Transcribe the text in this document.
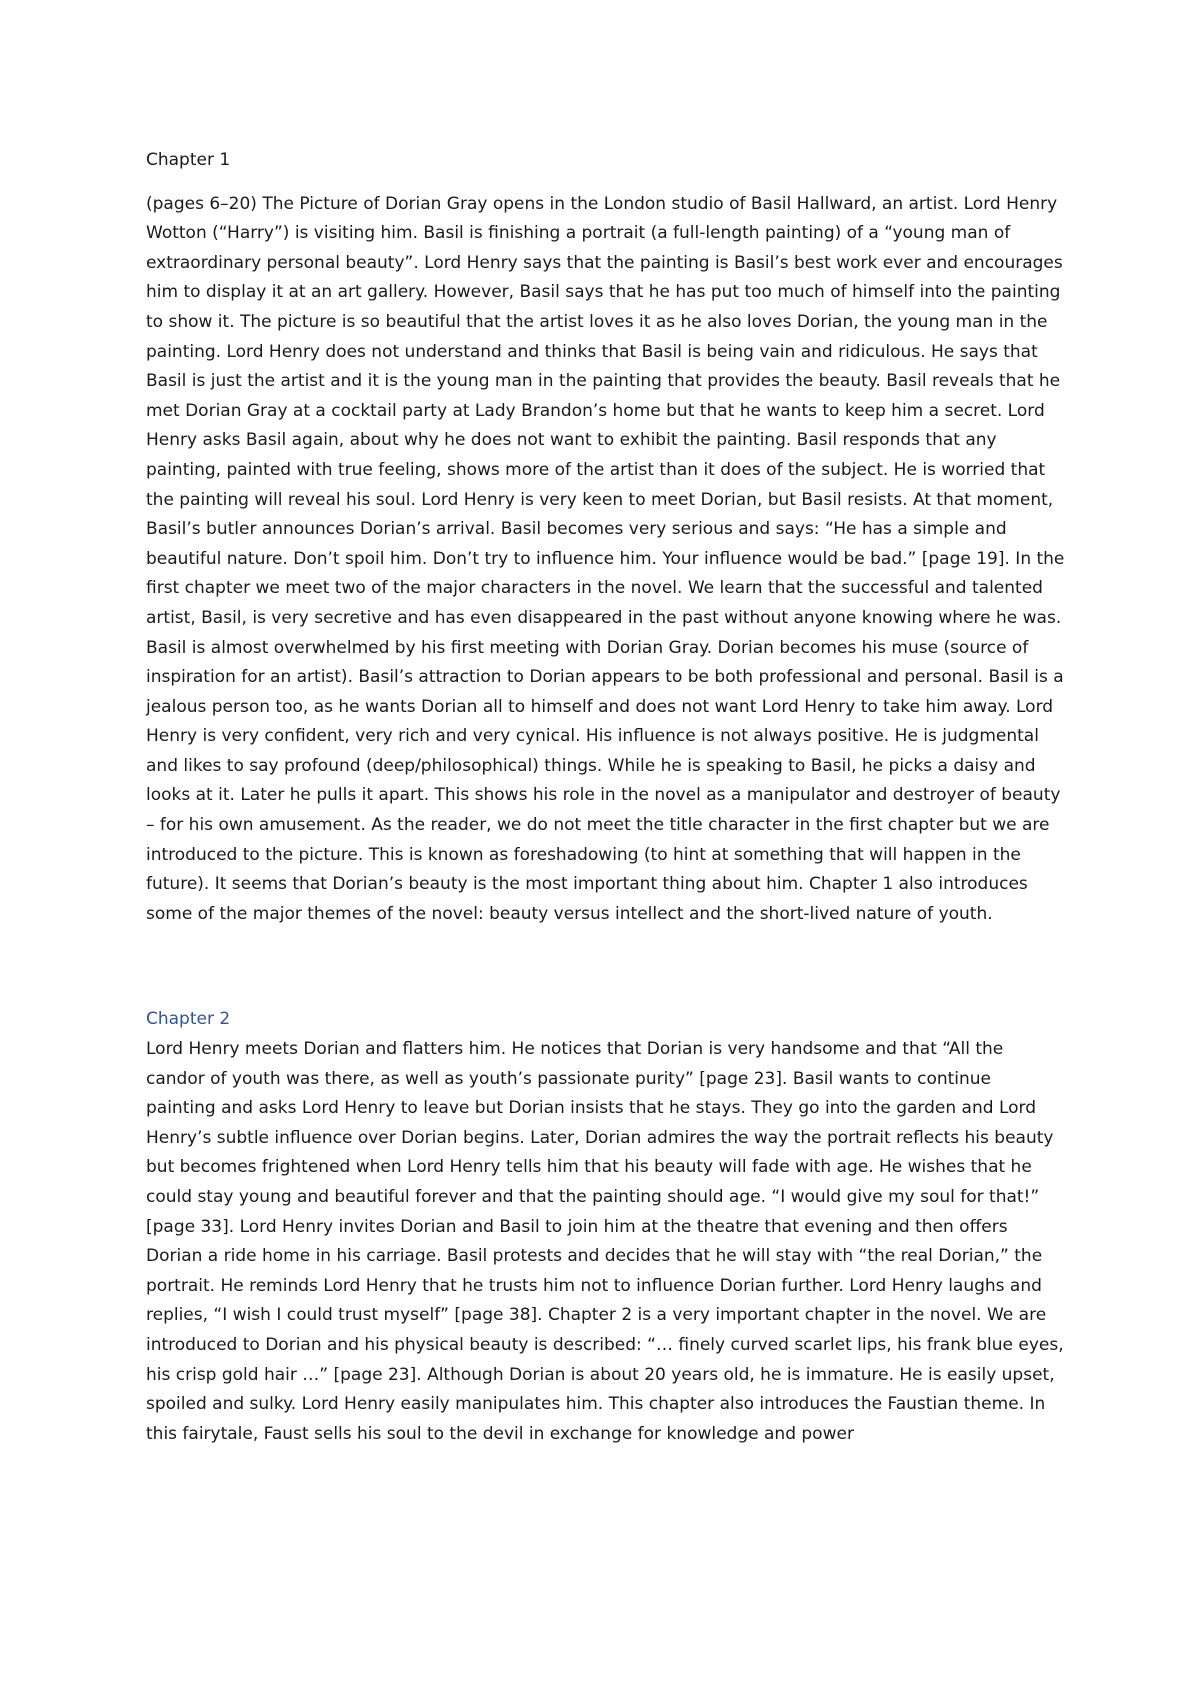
Chapter 1

(pages 6–20) The Picture of Dorian Gray opens in the London studio of Basil Hallward, an artist. Lord Henry Wotton (“Harry”) is visiting him. Basil is finishing a portrait (a full-length painting) of a “young man of extraordinary personal beauty”. Lord Henry says that the painting is Basil’s best work ever and encourages him to display it at an art gallery. However, Basil says that he has put too much of himself into the painting to show it. The picture is so beautiful that the artist loves it as he also loves Dorian, the young man in the painting. Lord Henry does not understand and thinks that Basil is being vain and ridiculous. He says that Basil is just the artist and it is the young man in the painting that provides the beauty. Basil reveals that he met Dorian Gray at a cocktail party at Lady Brandon’s home but that he wants to keep him a secret. Lord Henry asks Basil again, about why he does not want to exhibit the painting. Basil responds that any painting, painted with true feeling, shows more of the artist than it does of the subject. He is worried that the painting will reveal his soul. Lord Henry is very keen to meet Dorian, but Basil resists. At that moment, Basil’s butler announces Dorian’s arrival. Basil becomes very serious and says: “He has a simple and beautiful nature. Don’t spoil him. Don’t try to influence him. Your influence would be bad.” [page 19]. In the first chapter we meet two of the major characters in the novel. We learn that the successful and talented artist, Basil, is very secretive and has even disappeared in the past without anyone knowing where he was. Basil is almost overwhelmed by his first meeting with Dorian Gray. Dorian becomes his muse (source of inspiration for an artist). Basil’s attraction to Dorian appears to be both professional and personal. Basil is a jealous person too, as he wants Dorian all to himself and does not want Lord Henry to take him away. Lord Henry is very confident, very rich and very cynical. His influence is not always positive. He is judgmental and likes to say profound (deep/philosophical) things. While he is speaking to Basil, he picks a daisy and looks at it. Later he pulls it apart. This shows his role in the novel as a manipulator and destroyer of beauty – for his own amusement. As the reader, we do not meet the title character in the first chapter but we are introduced to the picture. This is known as foreshadowing (to hint at something that will happen in the future). It seems that Dorian’s beauty is the most important thing about him. Chapter 1 also introduces some of the major themes of the novel: beauty versus intellect and the short-lived nature of youth.

Chapter 2

Lord Henry meets Dorian and flatters him. He notices that Dorian is very handsome and that “All the candor of youth was there, as well as youth’s passionate purity” [page 23]. Basil wants to continue painting and asks Lord Henry to leave but Dorian insists that he stays. They go into the garden and Lord Henry’s subtle influence over Dorian begins. Later, Dorian admires the way the portrait reflects his beauty but becomes frightened when Lord Henry tells him that his beauty will fade with age. He wishes that he could stay young and beautiful forever and that the painting should age. “I would give my soul for that!” [page 33]. Lord Henry invites Dorian and Basil to join him at the theatre that evening and then offers Dorian a ride home in his carriage. Basil protests and decides that he will stay with “the real Dorian,” the portrait. He reminds Lord Henry that he trusts him not to influence Dorian further. Lord Henry laughs and replies, “I wish I could trust myself” [page 38]. Chapter 2 is a very important chapter in the novel. We are introduced to Dorian and his physical beauty is described: “… finely curved scarlet lips, his frank blue eyes, his crisp gold hair …” [page 23]. Although Dorian is about 20 years old, he is immature. He is easily upset, spoiled and sulky. Lord Henry easily manipulates him. This chapter also introduces the Faustian theme. In this fairytale, Faust sells his soul to the devil in exchange for knowledge and power
